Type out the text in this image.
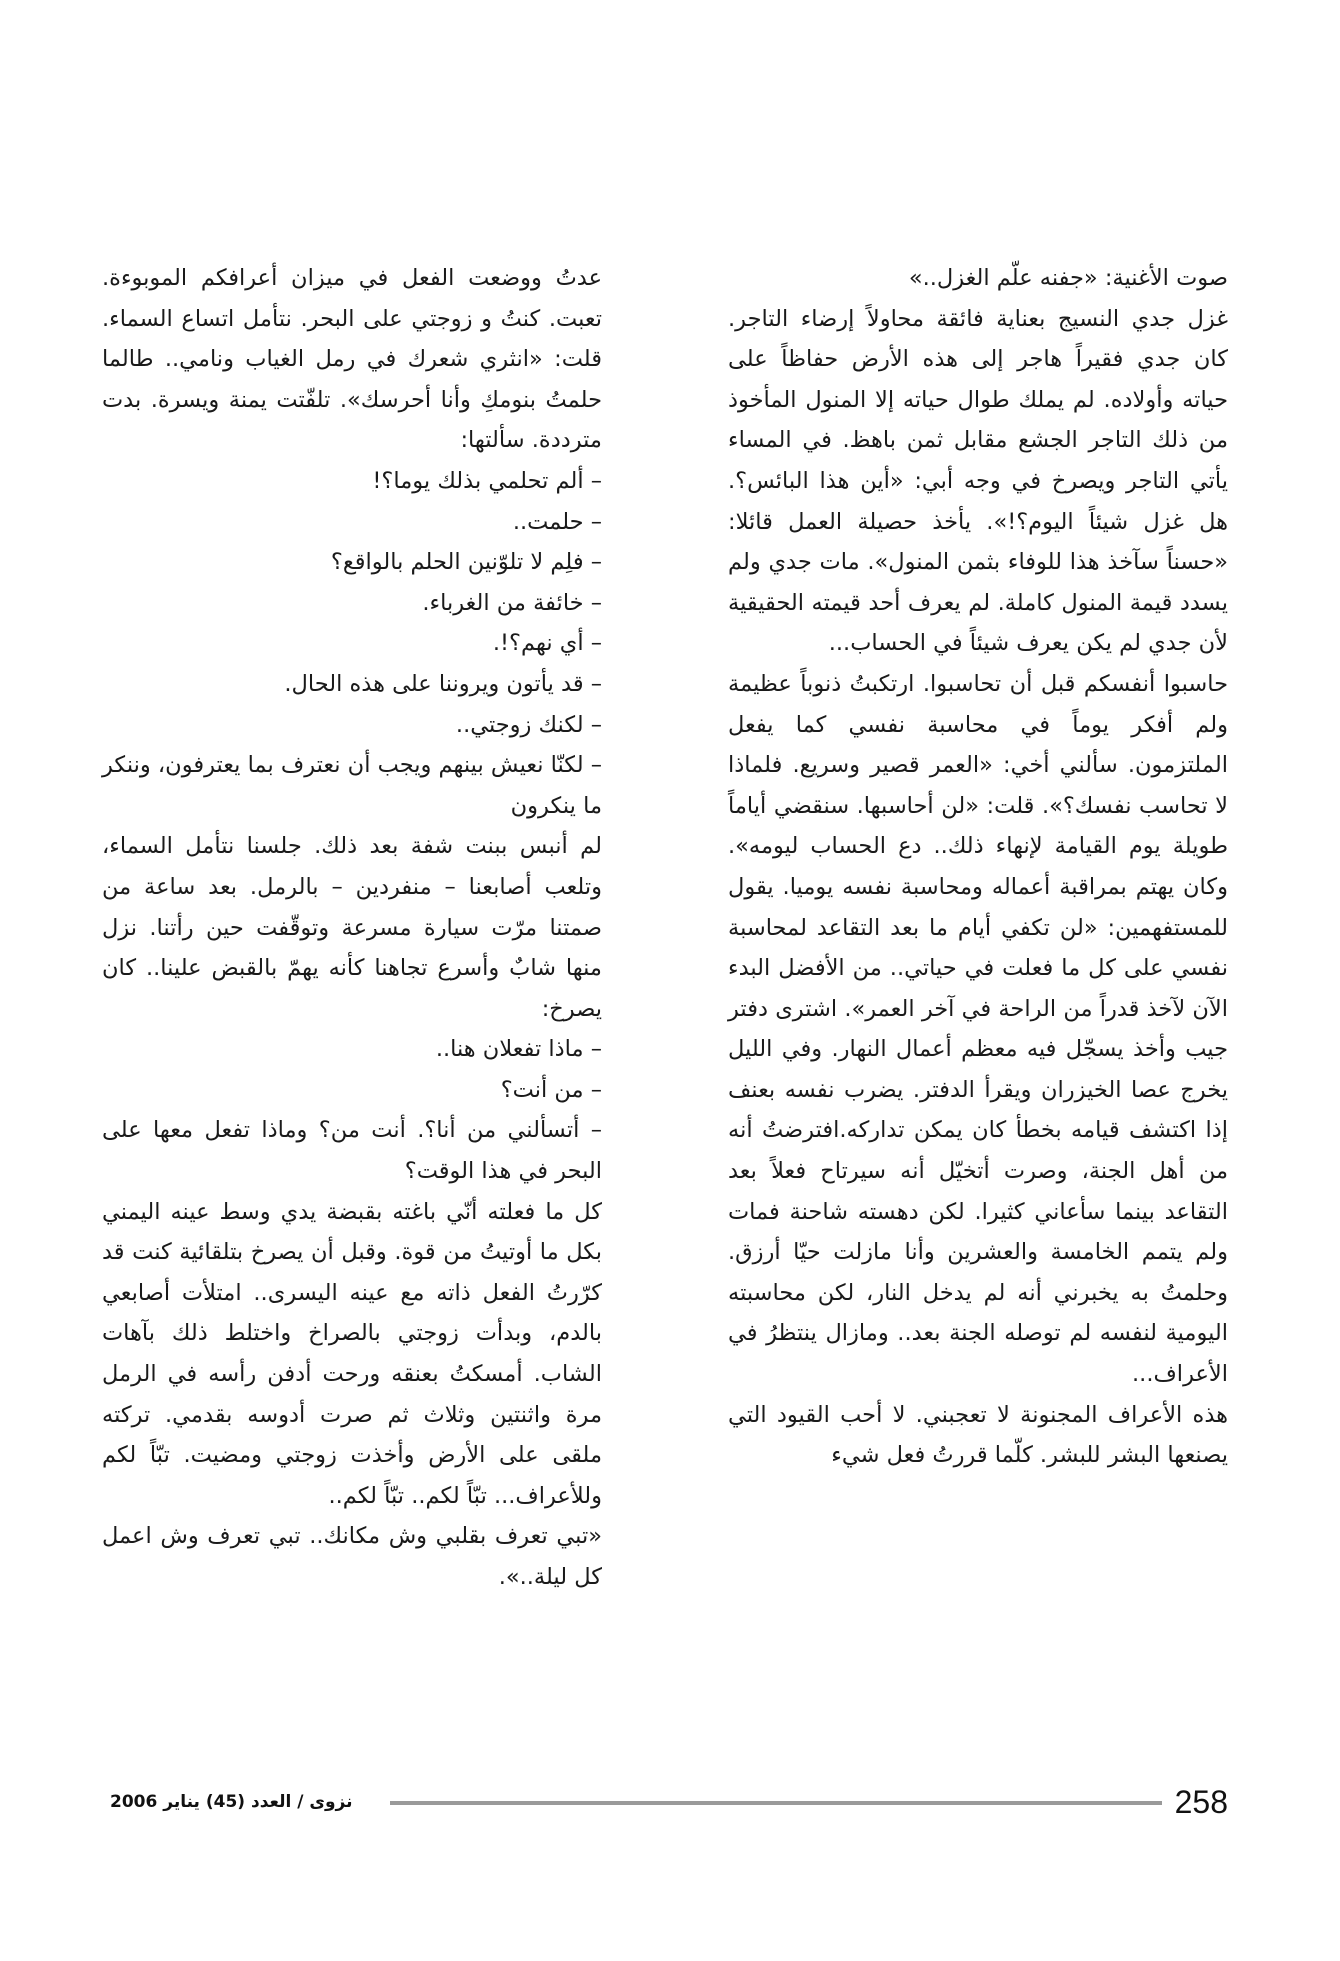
صوت الأغنية: «جفنه علّم الغزل..»

غزل جدي النسيج بعناية فائقة محاولاً إرضاء التاجر. كان جدي فقيراً هاجر إلى هذه الأرض حفاظاً على حياته وأولاده. لم يملك طوال حياته إلا المنول المأخوذ من ذلك التاجر الجشع مقابل ثمن باهظ. في المساء يأتي التاجر ويصرخ في وجه أبي: «أين هذا البائس؟. هل غزل شيئاً اليوم؟!». يأخذ حصيلة العمل قائلا: «حسناً سآخذ هذا للوفاء بثمن المنول». مات جدي ولم يسدد قيمة المنول كاملة. لم يعرف أحد قيمته الحقيقية لأن جدي لم يكن يعرف شيئاً في الحساب...

حاسبوا أنفسكم قبل أن تحاسبوا. ارتكبتُ ذنوباً عظيمة ولم أفكر يوماً في محاسبة نفسي كما يفعل الملتزمون. سألني أخي: «العمر قصير وسريع. فلماذا لا تحاسب نفسك؟». قلت: «لن أحاسبها. سنقضي أياماً طويلة يوم القيامة لإنهاء ذلك.. دع الحساب ليومه». وكان يهتم بمراقبة أعماله ومحاسبة نفسه يوميا. يقول للمستفهمين: «لن تكفي أيام ما بعد التقاعد لمحاسبة نفسي على كل ما فعلت في حياتي.. من الأفضل البدء الآن لآخذ قدراً من الراحة في آخر العمر». اشترى دفتر جيب وأخذ يسجّل فيه معظم أعمال النهار. وفي الليل يخرج عصا الخيزران ويقرأ الدفتر. يضرب نفسه بعنف إذا اكتشف قيامه بخطأ كان يمكن تداركه.افترضتُ أنه من أهل الجنة، وصرت أتخيّل أنه سيرتاح فعلاً بعد التقاعد بينما سأعاني كثيرا. لكن دهسته شاحنة فمات ولم يتمم الخامسة والعشرين وأنا مازلت حيّا أرزق. وحلمتُ به يخبرني أنه لم يدخل النار، لكن محاسبته اليومية لنفسه لم توصله الجنة بعد.. ومازال ينتظرُ في الأعراف...

هذه الأعراف المجنونة لا تعجبني. لا أحب القيود التي يصنعها البشر للبشر. كلّما قررتُ فعل شيء

عدتُ ووضعت الفعل في ميزان أعرافكم الموبوءة. تعبت. كنتُ و زوجتي على البحر. نتأمل اتساع السماء. قلت: «انثري شعرك في رمل الغياب ونامي.. طالما حلمتُ بنومكِ وأنا أحرسك». تلفّتت يمنة ويسرة. بدت مترددة. سألتها:

– ألم تحلمي بذلك يوما؟!

– حلمت..

– فلِم لا تلوّنين الحلم بالواقع؟

– خائفة من الغرباء.

– أي نهم؟!.

– قد يأتون ويروننا على هذه الحال.

– لكنك زوجتي..

– لكنّا نعيش بينهم ويجب أن نعترف بما يعترفون، وننكر ما ينكرون

لم أنبس ببنت شفة بعد ذلك. جلسنا نتأمل السماء، وتلعب أصابعنا – منفردين – بالرمل. بعد ساعة من صمتنا مرّت سيارة مسرعة وتوقّفت حين رأتنا. نزل منها شابٌ وأسرع تجاهنا كأنه يهمّ بالقبض علينا.. كان يصرخ:

– ماذا تفعلان هنا..

– من أنت؟

– أتسألني من أنا؟. أنت من؟ وماذا تفعل معها على البحر في هذا الوقت؟

كل ما فعلته أنّي باغته بقبضة يدي وسط عينه اليمني بكل ما أوتيتُ من قوة. وقبل أن يصرخ بتلقائية كنت قد كرّرتُ الفعل ذاته مع عينه اليسرى.. امتلأت أصابعي بالدم، وبدأت زوجتي بالصراخ واختلط ذلك بآهات الشاب. أمسكتُ بعنقه ورحت أدفن رأسه في الرمل مرة واثنتين وثلاث ثم صرت أدوسه بقدمي. تركته ملقى على الأرض وأخذت زوجتي ومضيت. تبّاً لكم وللأعراف... تبّاً لكم.. تبّاً لكم..

«تبي تعرف بقلبي وش مكانك.. تبي تعرف وش اعمل كل ليلة..».

نزوى / العدد (45) يناير 2006	258
